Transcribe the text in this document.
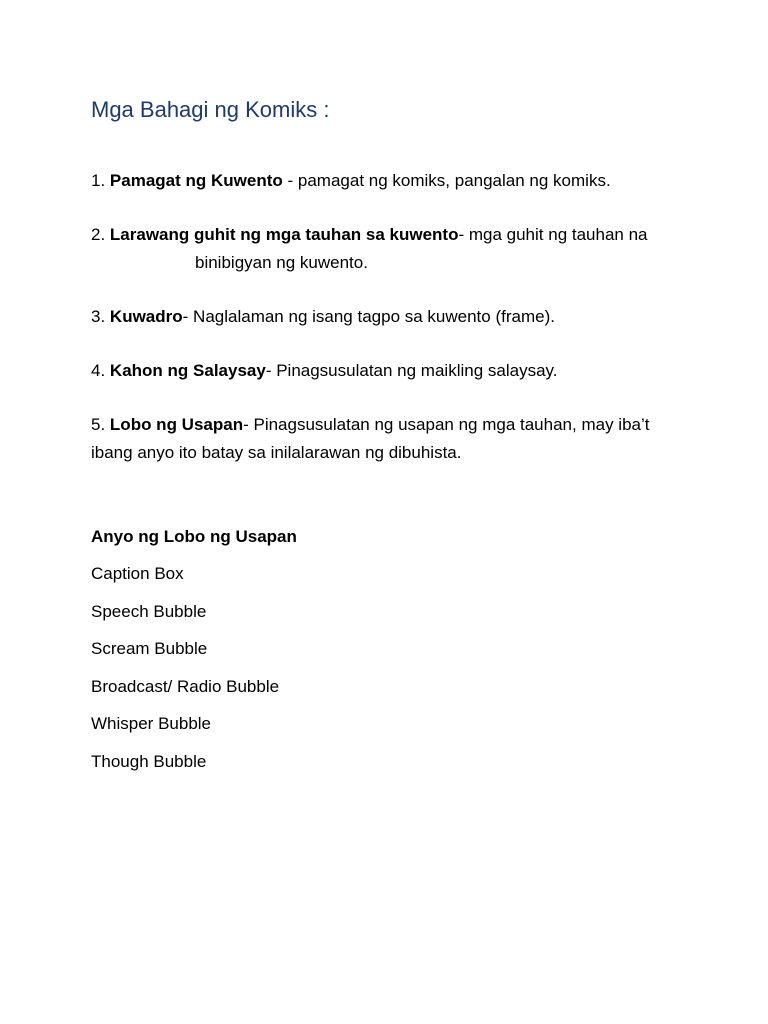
Mga Bahagi ng Komiks :
1. Pamagat ng Kuwento - pamagat ng komiks, pangalan ng komiks.
2. Larawang guhit ng mga tauhan sa kuwento- mga guhit ng tauhan na
binibigyan ng kuwento.
3. Kuwadro- Naglalaman ng isang tagpo sa kuwento (frame).
4. Kahon ng Salaysay- Pinagsusulatan ng maikling salaysay.
5. Lobo ng Usapan- Pinagsusulatan ng usapan ng mga tauhan, may iba’t
ibang anyo ito batay sa inilalarawan ng dibuhista.
Anyo ng Lobo ng Usapan
Caption Box
Speech Bubble
Scream Bubble
Broadcast/ Radio Bubble
Whisper Bubble
Though Bubble
